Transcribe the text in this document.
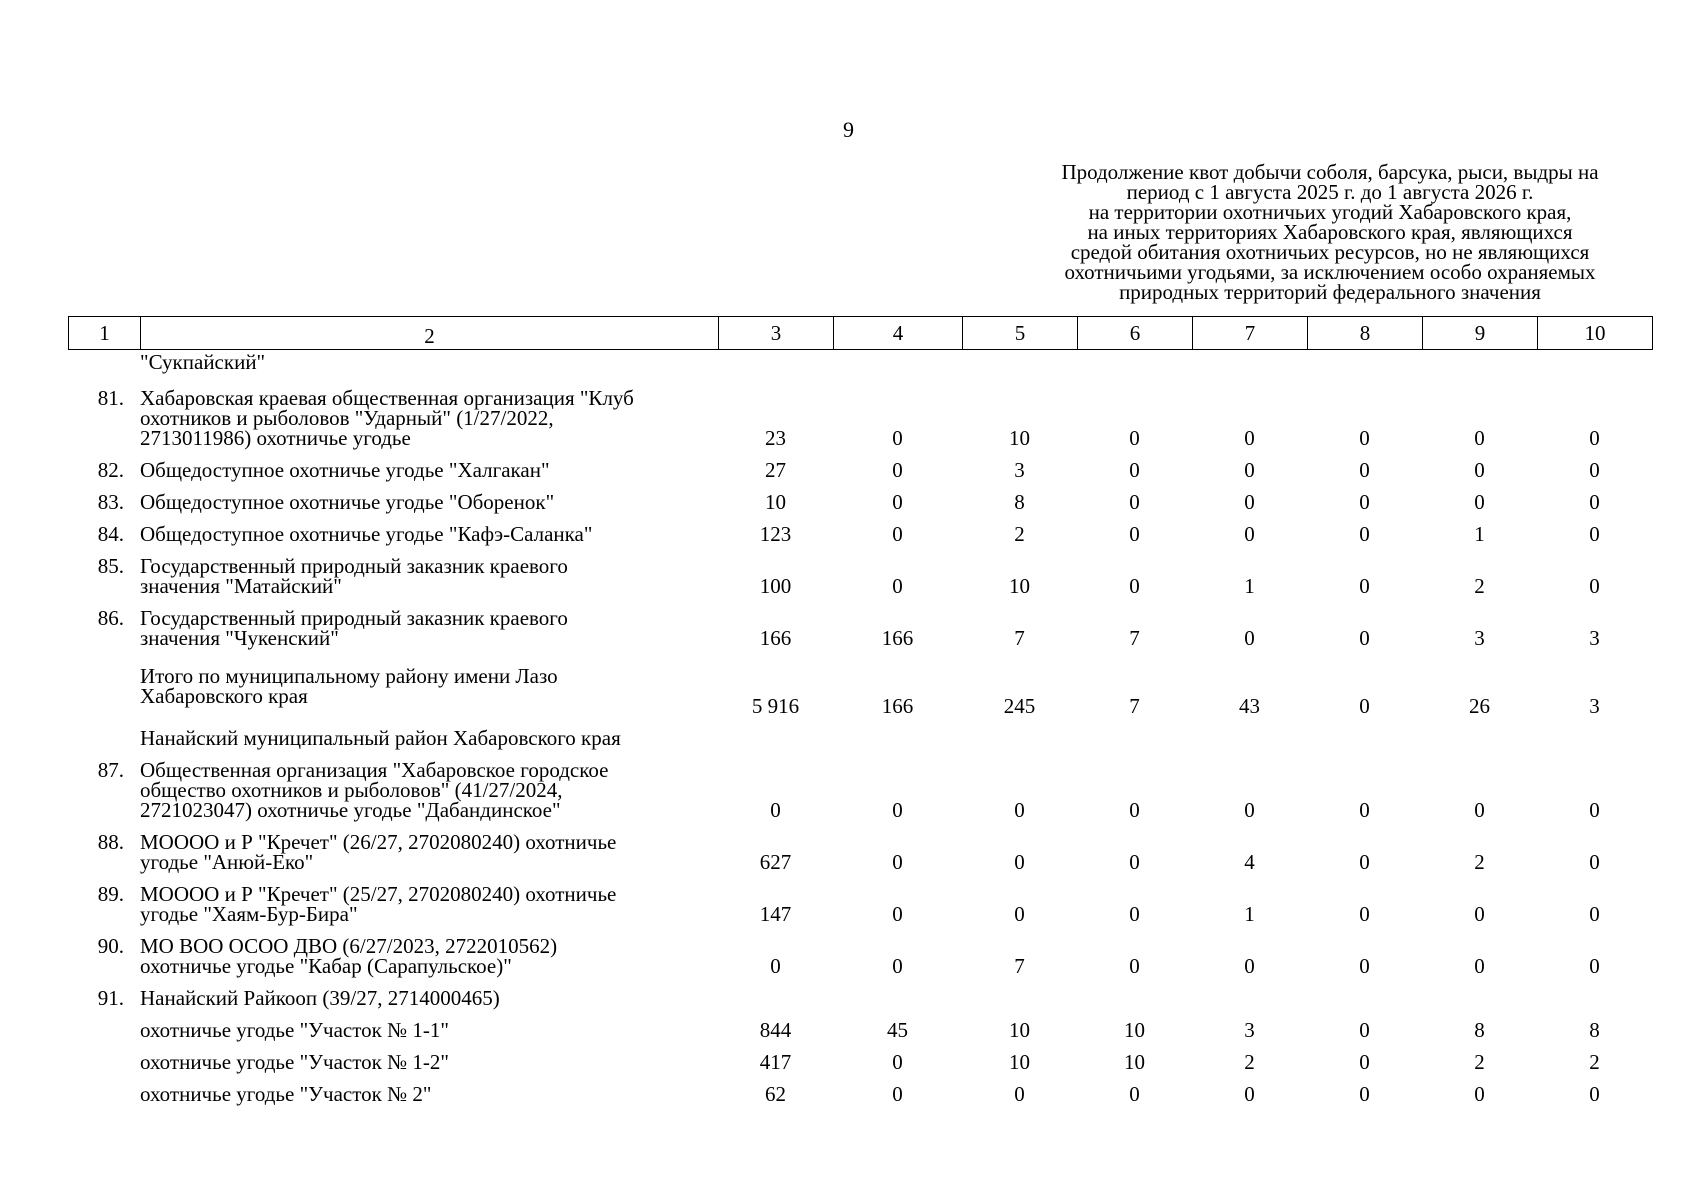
9
Продолжение квот добычи соболя, барсука, рыси, выдры на
период с 1 августа 2025 г. до 1 августа 2026 г.
на территории охотничьих угодий Хабаровского края,
на иных территориях Хабаровского края, являющихся
средой обитания охотничьих ресурсов, но не являющихся
охотничьими угодьями, за исключением особо охраняемых
природных территорий федерального значения
1	2	3	4	5	6	7	8	9	10
"Сукпайский"
81. Хабаровская краевая общественная организация "Клуб
охотников и рыболовов "Ударный" (1/27/2022,
2713011986) охотничье угодье	23	0	10	0	0	0	0	0
82. Общедоступное охотничье угодье "Халгакан"	27	0	3	0	0	0	0	0
83. Общедоступное охотничье угодье "Оборенок"	10	0	8	0	0	0	0	0
84. Общедоступное охотничье угодье "Кафэ-Саланка"	123	0	2	0	0	0	1	0
85. Государственный природный заказник краевого
значения "Матайский"	100	0	10	0	1	0	2	0
86. Государственный природный заказник краевого
значения "Чукенский"	166	166	7	7	0	0	3	3
Итого по муниципальному району имени Лазо
Хабаровского края	5 916	166	245	7	43	0	26	3
Нанайский муниципальный район Хабаровского края
87. Общественная организация "Хабаровское городское
общество охотников и рыболовов" (41/27/2024,
2721023047) охотничье угодье "Дабандинское"	0	0	0	0	0	0	0	0
88. МОООО и Р "Кречет" (26/27, 2702080240) охотничье
угодье "Анюй-Еко"	627	0	0	0	4	0	2	0
89. МОООО и Р "Кречет" (25/27, 2702080240) охотничье
угодье "Хаям-Бур-Бира"	147	0	0	0	1	0	0	0
90. МО ВОО ОСОО ДВО (6/27/2023, 2722010562)
охотничье угодье "Кабар (Сарапульское)"	0	0	7	0	0	0	0	0
91. Нанайский Райкооп (39/27, 2714000465)
охотничье угодье "Участок № 1-1"	844	45	10	10	3	0	8	8
охотничье угодье "Участок № 1-2"	417	0	10	10	2	0	2	2
охотничье угодье "Участок № 2"	62	0	0	0	0	0	0	0
